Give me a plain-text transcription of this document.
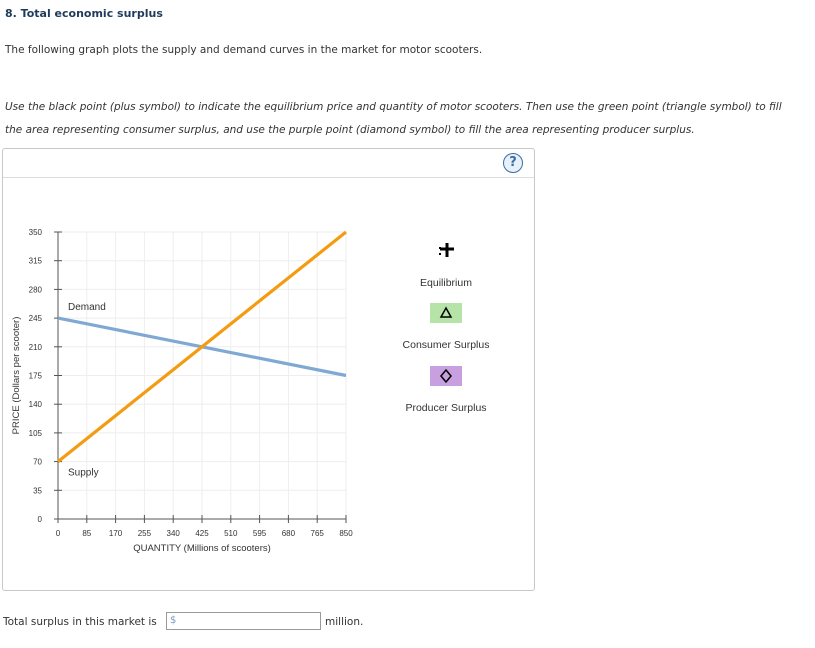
8. Total economic surplus
The following graph plots the supply and demand curves in the market for motor scooters.
Use the black point (plus symbol) to indicate the equilibrium price and quantity of motor scooters. Then use the green point (triangle symbol) to fill
the area representing consumer surplus, and use the purple point (diamond symbol) to fill the area representing producer surplus.
?
0
35
70
105
140
175
210
245
280
315
350
0	85 170 255 340 425 510 595 680 765 850
QUANTITY (Millions of scooters)
PRICE (Dollars per scooter)
Demand
Supply
Equilibrium
Consumer Surplus
Producer Surplus
Total surplus in this market is $	million.
